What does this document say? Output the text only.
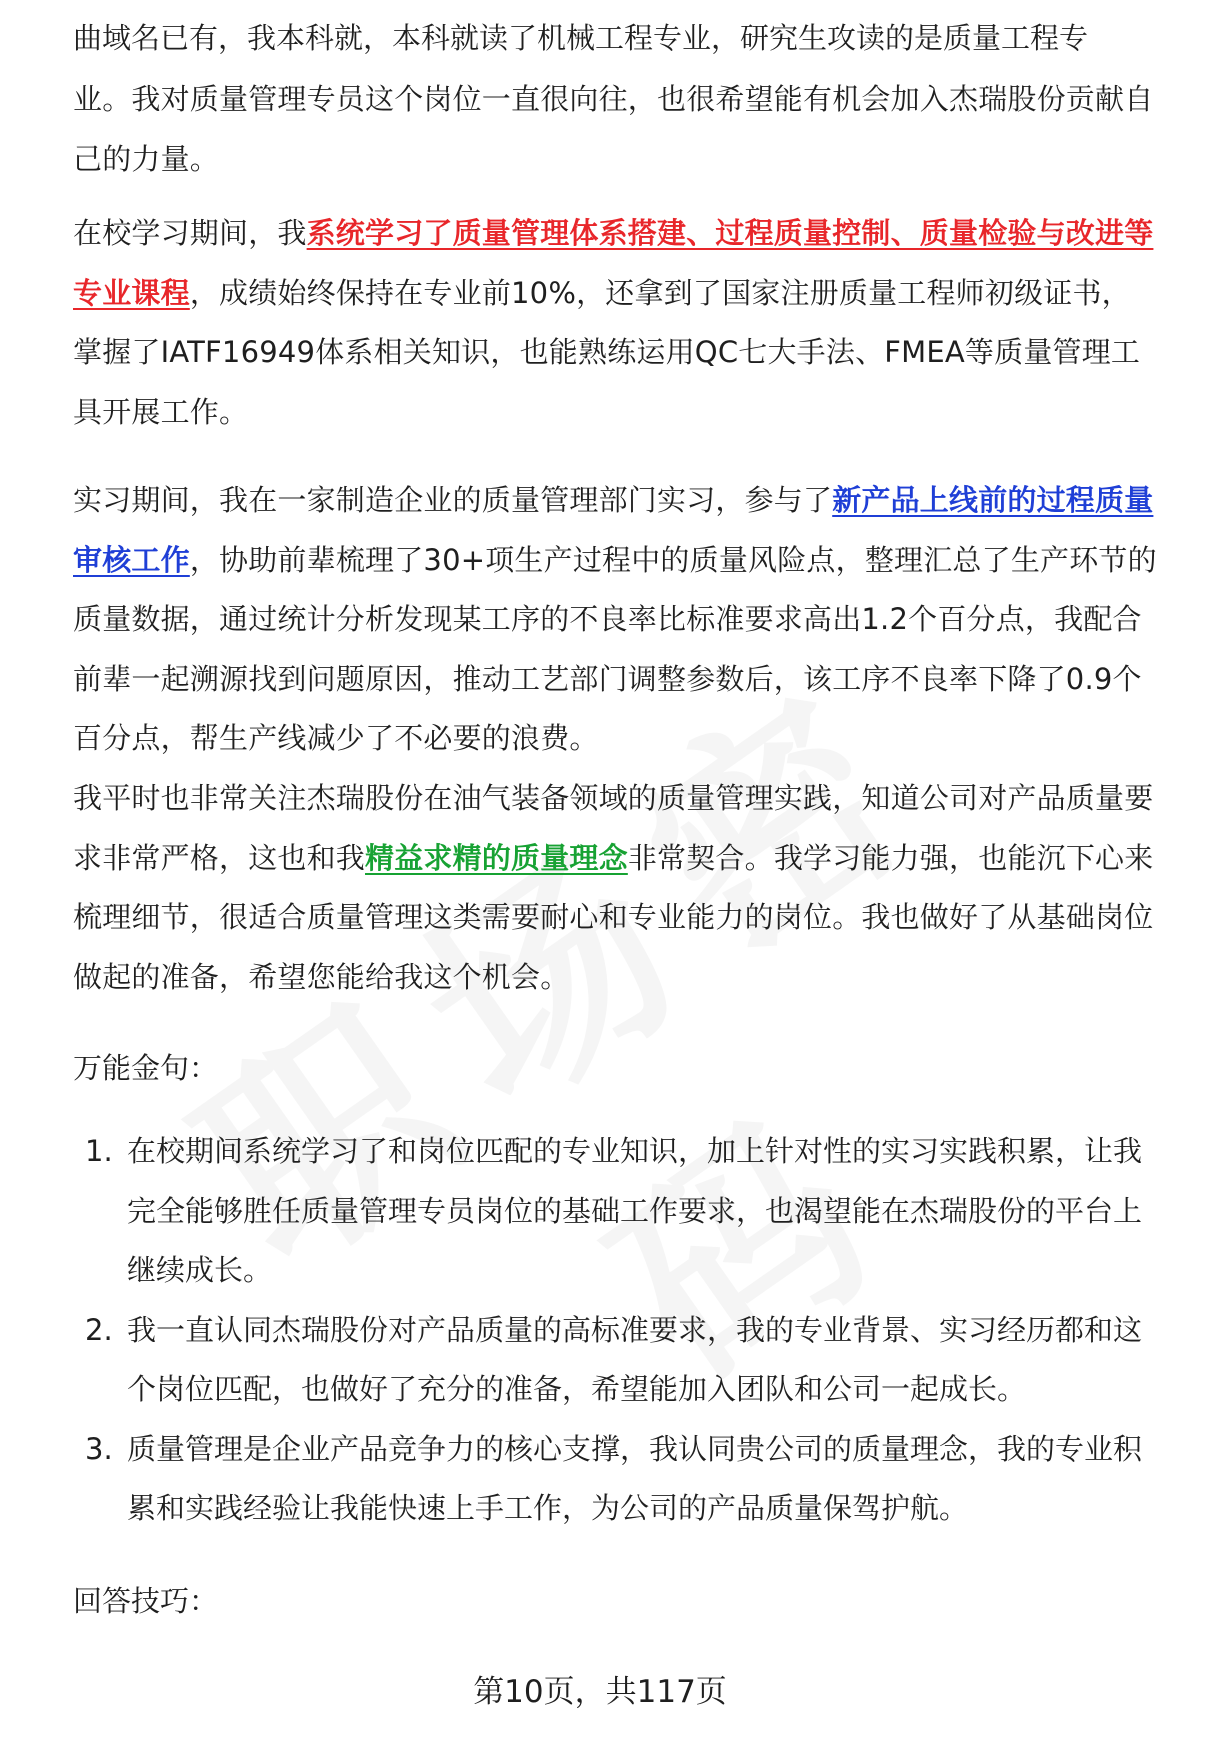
曲域名已有，我本科就，本科就读了机械工程专业，研究生攻读的是质量工程专

业。我对质量管理专员这个岗位一直很向往，也很希望能有机会加入杰瑞股份贡献自己的力量。

在校学习期间，我系统学习了质量管理体系搭建、过程质量控制、质量检验与改进等专业课程，成绩始终保持在专业前10%，还拿到了国家注册质量工程师初级证书，掌握了IATF16949体系相关知识，也能熟练运用QC七大手法、FMEA等质量管理工具开展工作。

实习期间，我在一家制造企业的质量管理部门实习，参与了新产品上线前的过程质量审核工作，协助前辈梳理了30+项生产过程中的质量风险点，整理汇总了生产环节的质量数据，通过统计分析发现某工序的不良率比标准要求高出1.2个百分点，我配合前辈一起溯源找到问题原因，推动工艺部门调整参数后，该工序不良率下降了0.9个百分点，帮生产线减少了不必要的浪费。

我平时也非常关注杰瑞股份在油气装备领域的质量管理实践，知道公司对产品质量要求非常严格，这也和我精益求精的质量理念非常契合。我学习能力强，也能沉下心来梳理细节，很适合质量管理这类需要耐心和专业能力的岗位。我也做好了从基础岗位做起的准备，希望您能给我这个机会。

万能金句：

1. 在校期间系统学习了和岗位匹配的专业知识，加上针对性的实习实践积累，让我完全能够胜任质量管理专员岗位的基础工作要求，也渴望能在杰瑞股份的平台上继续成长。
2. 我一直认同杰瑞股份对产品质量的高标准要求，我的专业背景、实习经历都和这个岗位匹配，也做好了充分的准备，希望能加入团队和公司一起成长。
3. 质量管理是企业产品竞争力的核心支撑，我认同贵公司的质量理念，我的专业积累和实践经验让我能快速上手工作，为公司的产品质量保驾护航。

回答技巧：

第10页，共117页
